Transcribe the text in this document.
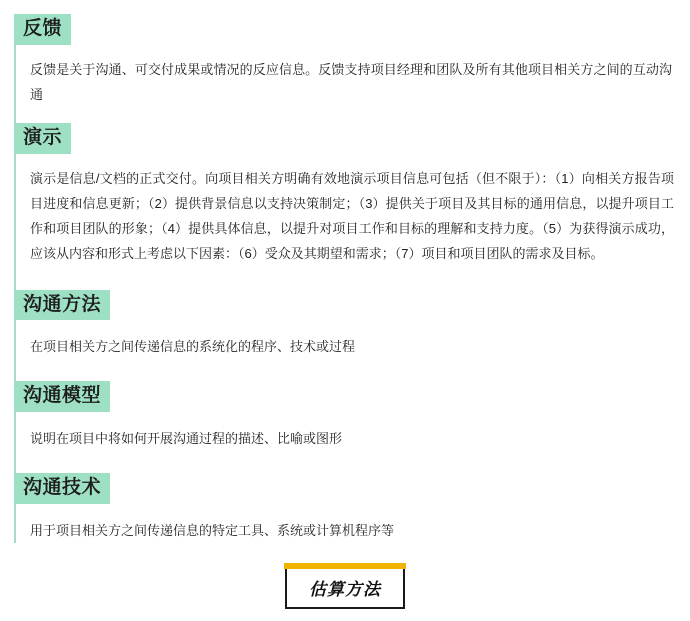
反馈
反馈是关于沟通、可交付成果或情况的反应信息。反馈支持项目经理和团队及所有其他项目相关方之间的互动沟通
演示
演示是信息/文档的正式交付。向项目相关方明确有效地演示项目信息可包括（但不限于）：（1）向相关方报告项目进度和信息更新；（2）提供背景信息以支持决策制定；（3）提供关于项目及其目标的通用信息，以提升项目工作和项目团队的形象；（4）提供具体信息，以提升对项目工作和目标的理解和支持力度。（5）为获得演示成功，应该从内容和形式上考虑以下因素：（6）受众及其期望和需求；（7）项目和项目团队的需求及目标。
沟通方法
在项目相关方之间传递信息的系统化的程序、技术或过程
沟通模型
说明在项目中将如何开展沟通过程的描述、比喻或图形
沟通技术
用于项目相关方之间传递信息的特定工具、系统或计算机程序等
估算方法
